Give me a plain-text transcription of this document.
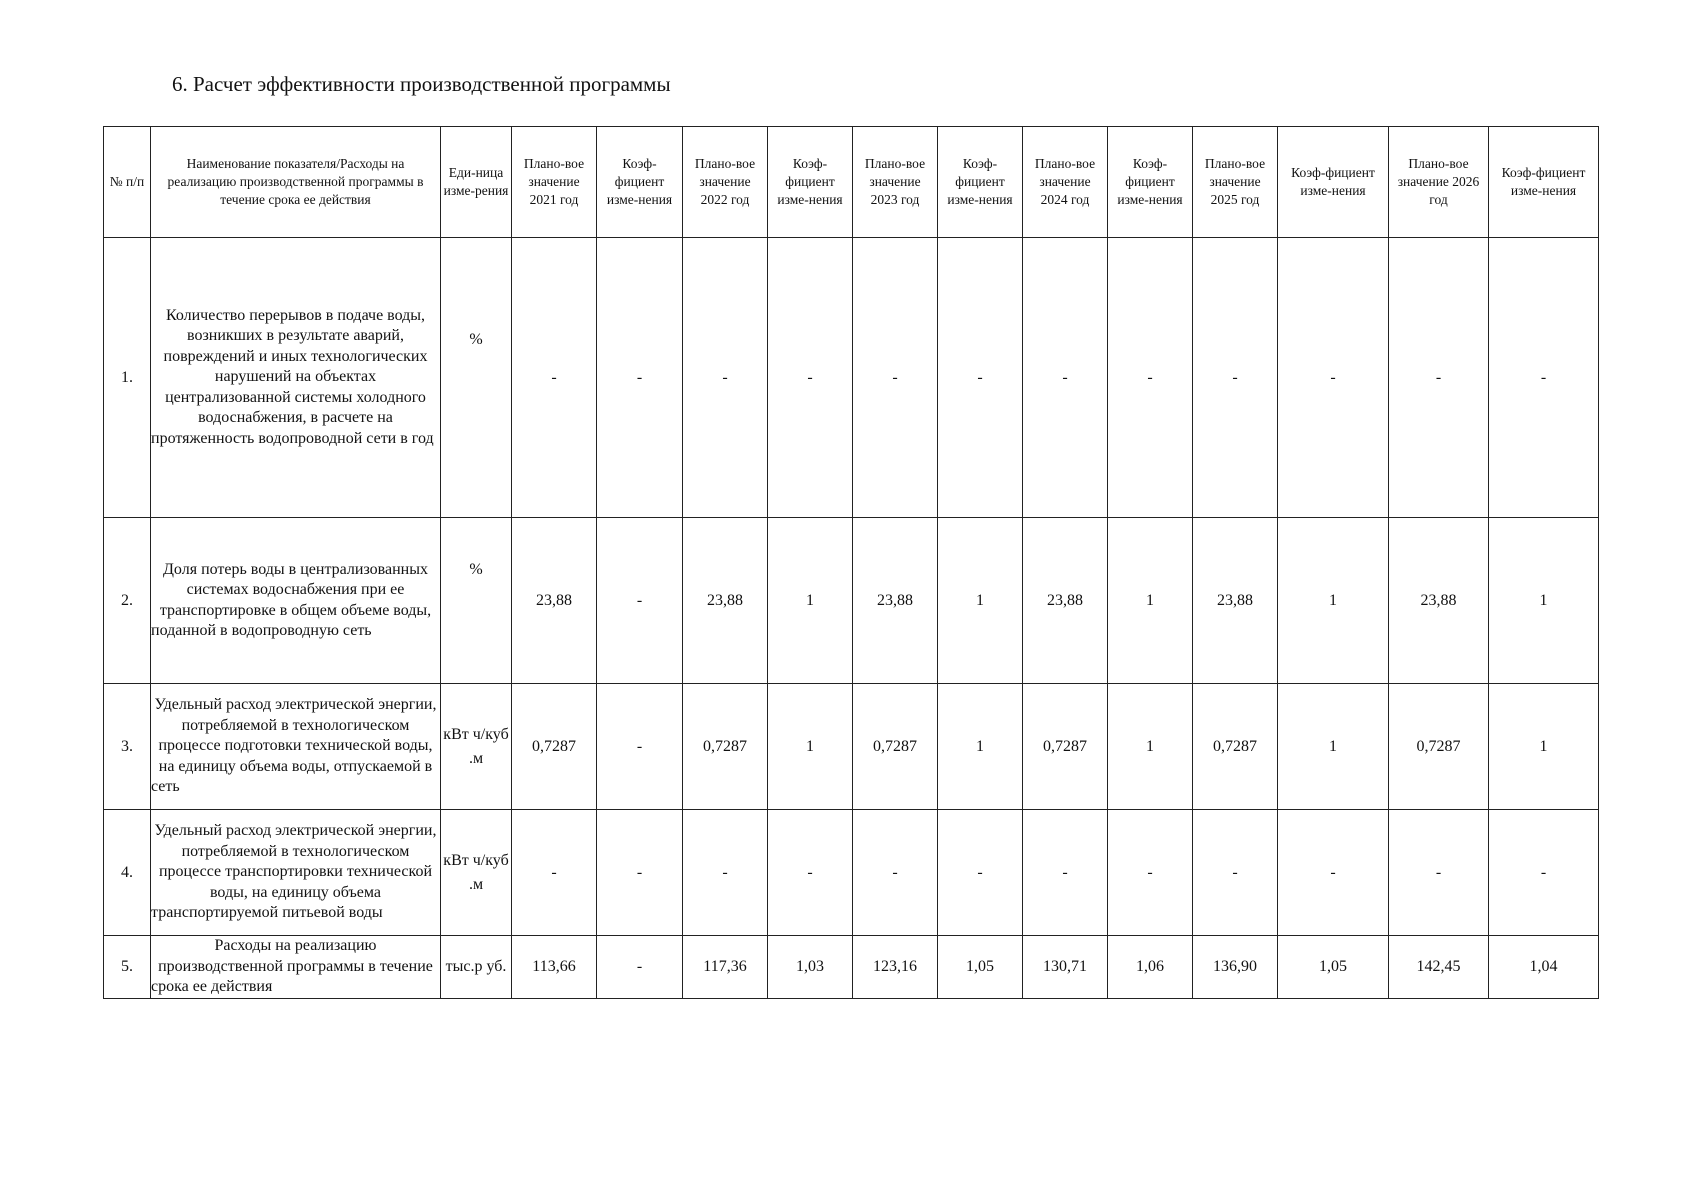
6. Расчет эффективности производственной программы
№ п/п	Наименование показателя/Расходы на реализацию производственной программы в течение срока ее действия	Еди-ница изме-рения	Плано-вое значение 2021 год	Коэф-фициент изме-нения	Плано-вое значение 2022 год	Коэф-фициент изме-нения	Плано-вое значение 2023 год	Коэф-фициент изме-нения	Плано-вое значение 2024 год	Коэф-фициент изме-нения	Плано-вое значение 2025 год	Коэф-фициент изме-нения	Плано-вое значение 2026 год	Коэф-фициент изме-нения
1.	Количество перерывов в подаче воды, возникших в результате аварий, повреждений и иных технологических нарушений на объектах централизованной системы холодного водоснабжения, в расчете на протяженность водопроводной сети в год	%	-	-	-	-	-	-	-	-	-	-	-	-
2.	Доля потерь воды в централизованных системах водоснабжения при ее транспортировке в общем объеме воды, поданной в водопроводную сеть	%	23,88	-	23,88	1	23,88	1	23,88	1	23,88	1	23,88	1
3.	Удельный расход электрической энергии, потребляемой в технологическом процессе подготовки технической воды, на единицу объема воды, отпускаемой в сеть	кВт ч/куб .м	0,7287	-	0,7287	1	0,7287	1	0,7287	1	0,7287	1	0,7287	1
4.	Удельный расход электрической энергии, потребляемой в технологическом процессе транспортировки технической воды, на единицу объема транспортируемой питьевой воды	кВт ч/куб .м	-	-	-	-	-	-	-	-	-	-	-	-
5.	Расходы на реализацию производственной программы в течение срока ее действия	тыс.р уб.	113,66	-	117,36	1,03	123,16	1,05	130,71	1,06	136,90	1,05	142,45	1,04
